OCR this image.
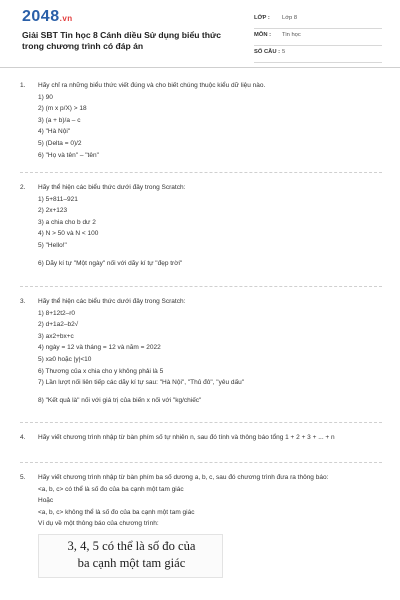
2048.vn
Giải SBT Tin học 8 Cánh diều Sử dụng biểu thức trong chương trình có đáp án
LỚP : Lớp 8
MÔN : Tin học
SỐ CÂU : 5
1. Hãy chỉ ra những biểu thức viết đúng và cho biết chúng thuộc kiểu dữ liệu nào.
1) 90
2) (m x p/X) > 18
3) (a + b)/a – c
4) "Hà Nội"
5) (Delta = 0)/2
6) "Họ và tên" – "tên"
2. Hãy thể hiện các biểu thức dưới đây trong Scratch:
1) 5+811–921
2) 2x+123
3) a chia cho b dư 2
4) N > 50 và N < 100
5) "Hello!"
6) Dãy kí tự "Một ngày" nối với dãy kí tự "đẹp trời"
3. Hãy thể hiện các biểu thức dưới đây trong Scratch:
1) 8+12t2–r0
2) d+1a2–b2√
3) ax2+bx+c
4) ngày = 12 và tháng = 12 và năm = 2022
5) x≥0 hoặc |y|<10
6) Thương của x chia cho y không phải là 5
7) Lần lượt nối liên tiếp các dãy kí tự sau: "Hà Nội", "Thủ đô", "yêu dấu"
8) "Kết quả là" nối với giá trị của biến x nối với "kg/chiếc"
4. Hãy viết chương trình nhập từ bàn phím số tự nhiên n, sau đó tính và thông báo tổng 1 + 2 + 3 + ... + n
5. Hãy viết chương trình nhập từ bàn phím ba số dương a, b, c, sau đó chương trình đưa ra thông báo:
<a, b, c> có thể là số đo của ba cạnh một tam giác
Hoặc
<a, b, c> không thể là số đo của ba cạnh một tam giác
Ví dụ về một thông báo của chương trình:
3, 4, 5 có thể là số đo của
ba cạnh một tam giác
